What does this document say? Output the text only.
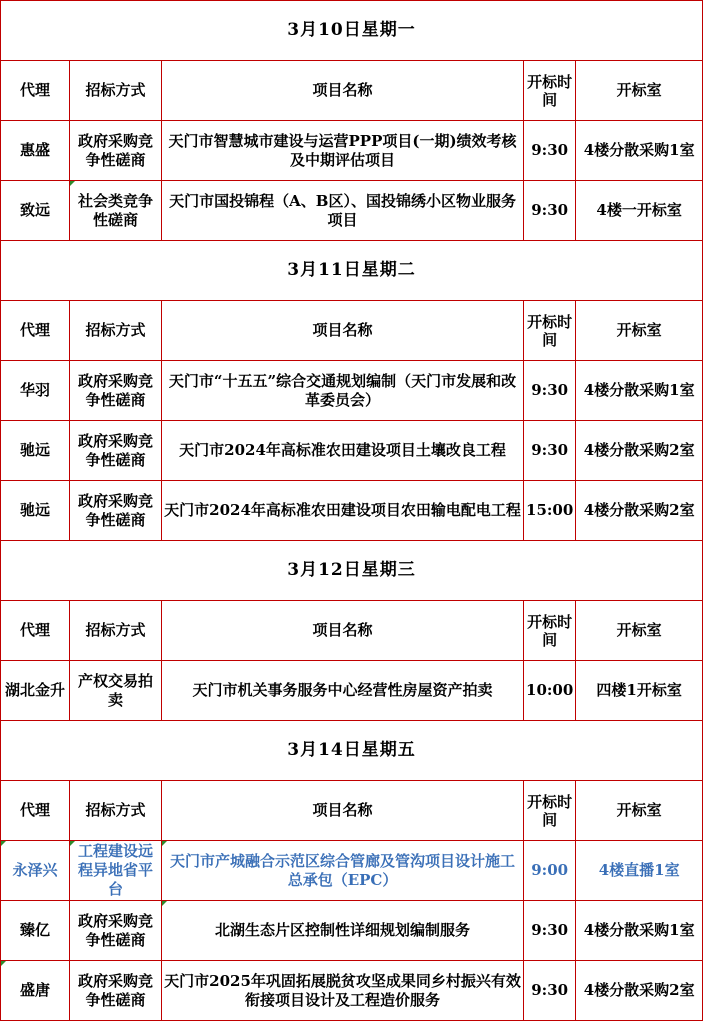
3月10日星期一				
代理	招标方式	项目名称	开标时间	开标室
惠盛	政府采购竞争性磋商	天门市智慧城市建设与运营PPP项目(一期)绩效考核及中期评估项目	9:30	4楼分散采购1室
致远	社会类竞争性磋商	天门市国投锦程（A、B区）、国投锦绣小区物业服务项目	9:30	4楼一开标室
3月11日星期二				
代理	招标方式	项目名称	开标时间	开标室
华羽	政府采购竞争性磋商	天门市“十五五”综合交通规划编制（天门市发展和改革委员会）	9:30	4楼分散采购1室
驰远	政府采购竞争性磋商	天门市2024年高标准农田建设项目土壤改良工程	9:30	4楼分散采购2室
驰远	政府采购竞争性磋商	天门市2024年高标准农田建设项目农田输电配电工程	15:00	4楼分散采购2室
3月12日星期三				
代理	招标方式	项目名称	开标时间	开标室
湖北金升	产权交易拍卖	天门市机关事务服务中心经营性房屋资产拍卖	10:00	四楼1开标室
3月14日星期五				
代理	招标方式	项目名称	开标时间	开标室
永泽兴	工程建设远程异地省平台	天门市产城融合示范区综合管廊及管沟项目设计施工总承包（EPC）	9:00	4楼直播1室
臻亿	政府采购竞争性磋商	北湖生态片区控制性详细规划编制服务	9:30	4楼分散采购1室
盛唐	政府采购竞争性磋商	天门市2025年巩固拓展脱贫攻坚成果同乡村振兴有效衔接项目设计及工程造价服务	9:30	4楼分散采购2室
